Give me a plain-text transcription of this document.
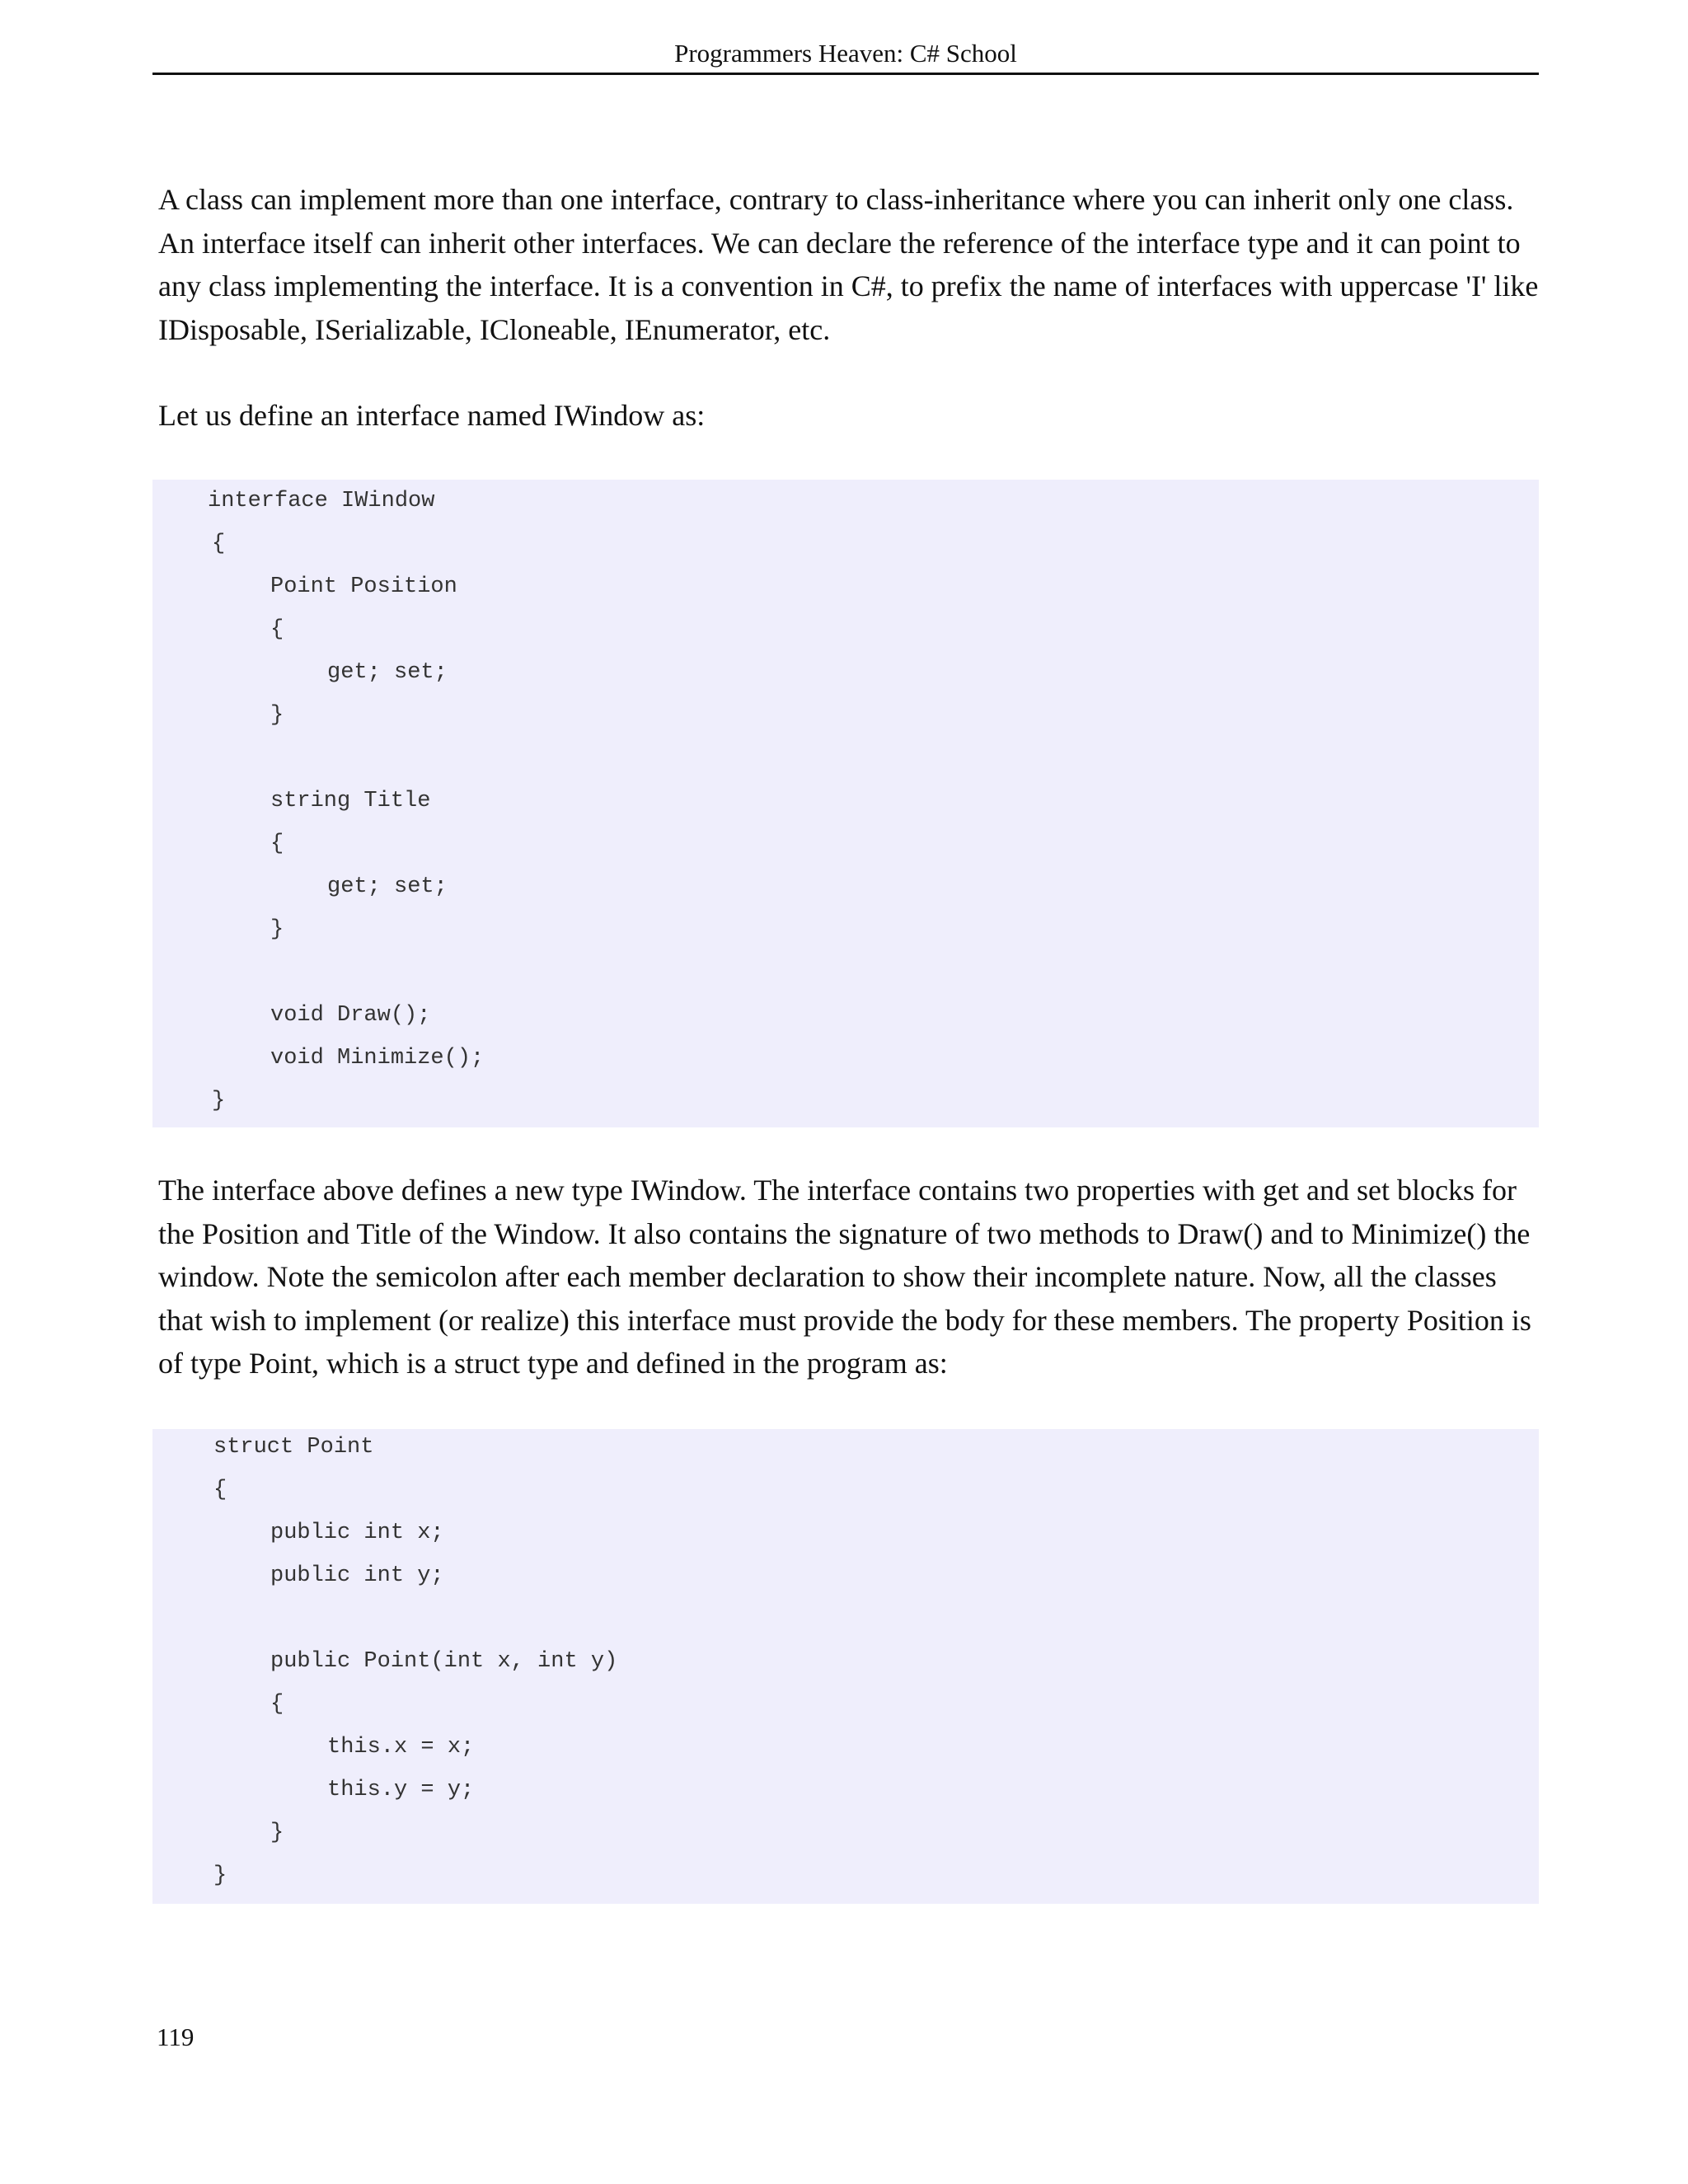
Programmers Heaven: C# School

A class can implement more than one interface, contrary to class-inheritance where you can inherit only one class. An interface itself can inherit other interfaces. We can declare the reference of the interface type and it can point to any class implementing the interface. It is a convention in C#, to prefix the name of interfaces with uppercase 'I' like IDisposable, ISerializable, ICloneable, IEnumerator, etc.

Let us define an interface named IWindow as:

interface IWindow
{
Point Position
{
get; set;
}
string Title
{
get; set;
}
void Draw();
void Minimize();
}

The interface above defines a new type IWindow. The interface contains two properties with get and set blocks for the Position and Title of the Window. It also contains the signature of two methods to Draw() and to Minimize() the window. Note the semicolon after each member declaration to show their incomplete nature. Now, all the classes that wish to implement (or realize) this interface must provide the body for these members. The property Position is of type Point, which is a struct type and defined in the program as:

struct Point
{
public int x;
public int y;
public Point(int x, int y)
{
this.x = x;
this.y = y;
}
}
119
